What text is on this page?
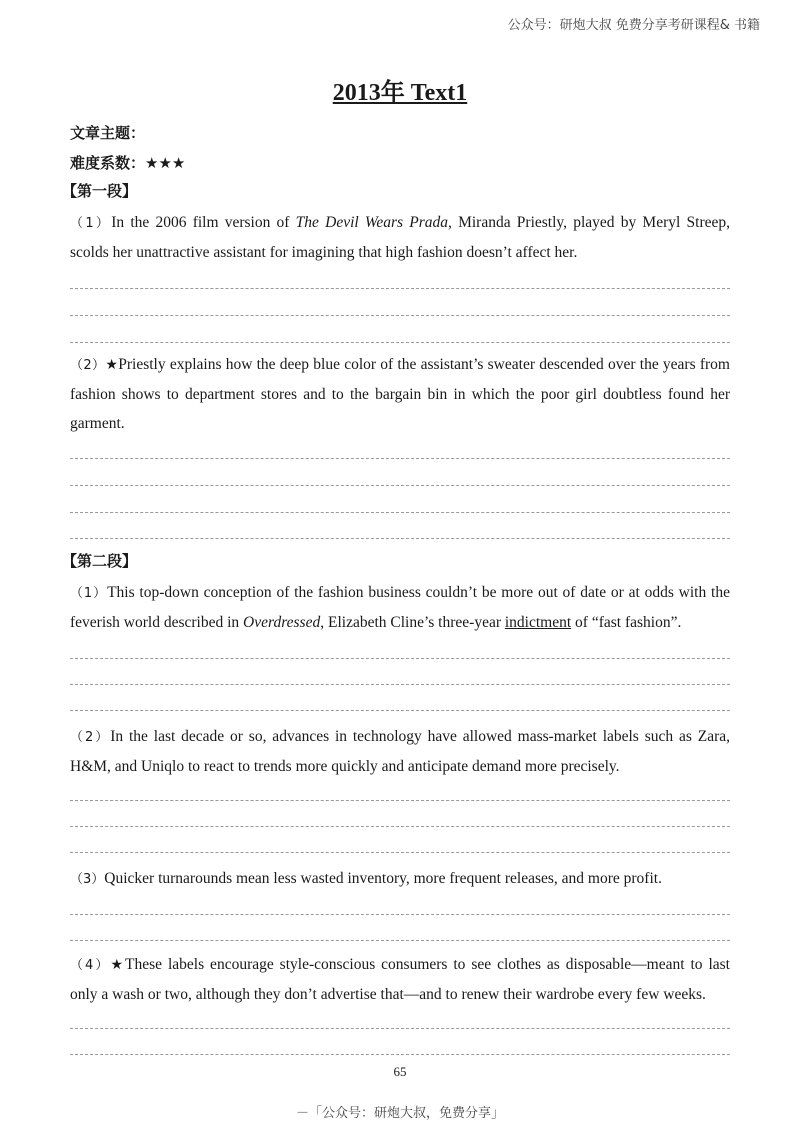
公众号：研炮大叔 免费分享考研课程& 书籍
2013年 Text1
文章主题：
难度系数：★★★
【第一段】
（1）In the 2006 film version of The Devil Wears Prada, Miranda Priestly, played by Meryl Streep, scolds her unattractive assistant for imagining that high fashion doesn’t affect her.
（2）★Priestly explains how the deep blue color of the assistant’s sweater descended over the years from fashion shows to department stores and to the bargain bin in which the poor girl doubtless found her garment.
【第二段】
（1）This top-down conception of the fashion business couldn’t be more out of date or at odds with the feverish world described in Overdressed, Elizabeth Cline’s three-year indictment of “fast fashion”.
（2）In the last decade or so, advances in technology have allowed mass-market labels such as Zara, H&M, and Uniqlo to react to trends more quickly and anticipate demand more precisely.
（3）Quicker turnarounds mean less wasted inventory, more frequent releases, and more profit.
（4）★These labels encourage style-conscious consumers to see clothes as disposable—meant to last only a wash or two, although they don’t advertise that—and to renew their wardrobe every few weeks.
65
－「公众号：研炮大叔，免费分享」
